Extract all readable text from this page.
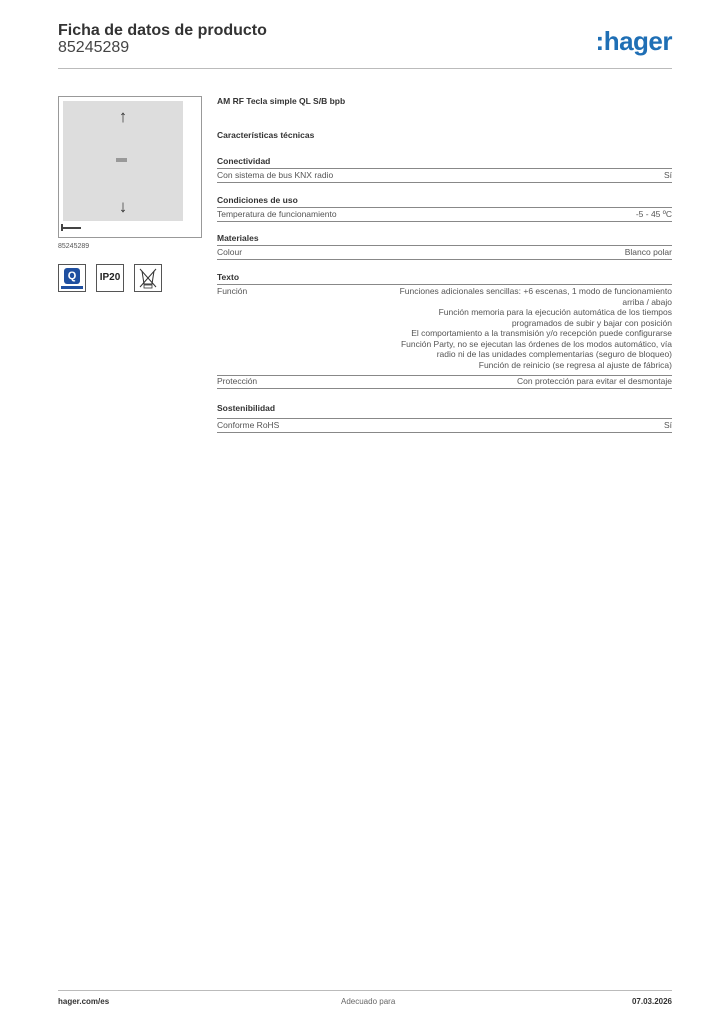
Ficha de datos de producto
85245289	:hager
↑
↓
85245289
Q	IP20
AM RF Tecla simple QL S/B bpb
Características técnicas
Conectividad
Con sistema de bus KNX radio	Sí
Condiciones de uso
Temperatura de funcionamiento	-5 - 45 ºC
Materiales
Colour	Blanco polar
Texto
Función	Funciones adicionales sencillas: +6 escenas, 1 modo de funcionamiento
arriba / abajo
Función memoria para la ejecución automática de los tiempos
programados de subir y bajar con posición
El comportamiento a la transmisión y/o recepción puede configurarse
Función Party, no se ejecutan las órdenes de los modos automático, vía
radio ni de las unidades complementarias (seguro de bloqueo)
Función de reinicio (se regresa al ajuste de fábrica)
Protección	Con protección para evitar el desmontaje
Sostenibilidad
Conforme RoHS	Sí
hager.com/es	Adecuado para	07.03.2026
